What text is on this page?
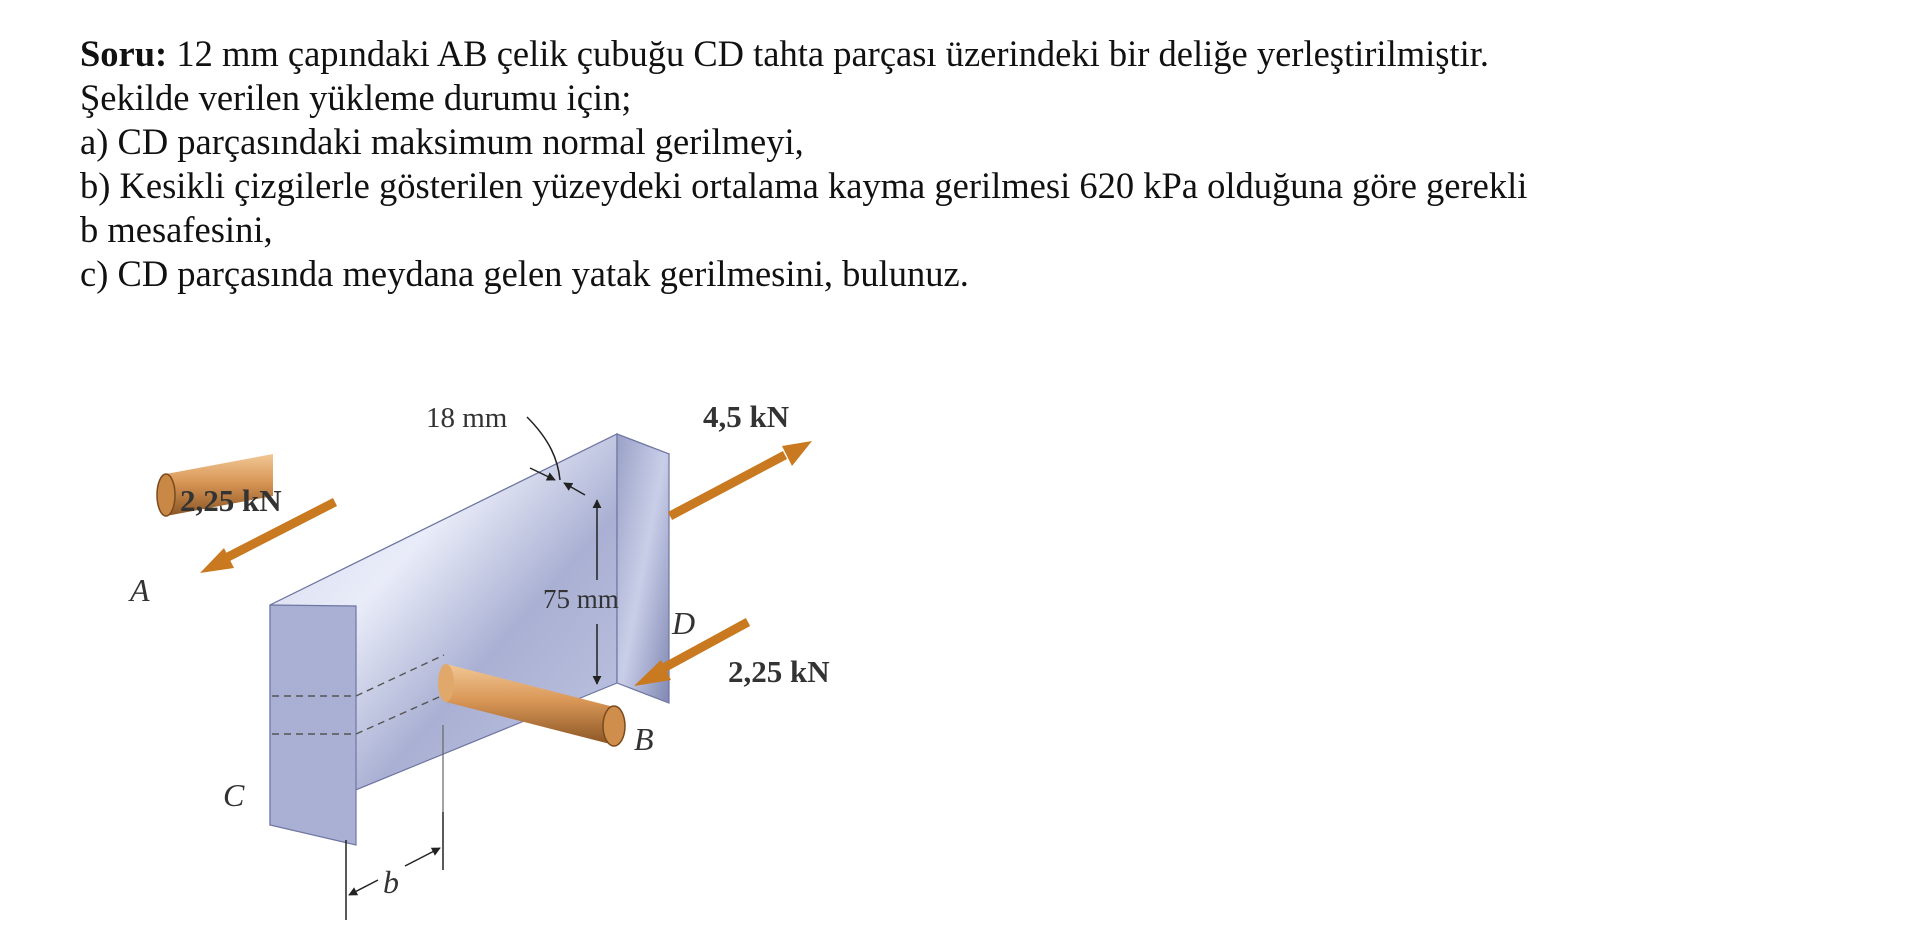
Soru: 12 mm çapındaki AB çelik çubuğu CD tahta parçası üzerindeki bir deliğe yerleştirilmiştir.
Şekilde verilen yükleme durumu için;
a) CD parçasındaki maksimum normal gerilmeyi,
b) Kesikli çizgilerle gösterilen yüzeydeki ortalama kayma gerilmesi 620 kPa olduğuna göre gerekli
b mesafesini,
c) CD parçasında meydana gelen yatak gerilmesini, bulunuz.
18 mm	4,5 kN
2,25 kN
75 mm
2,25 kN
A
D
B
C
b
